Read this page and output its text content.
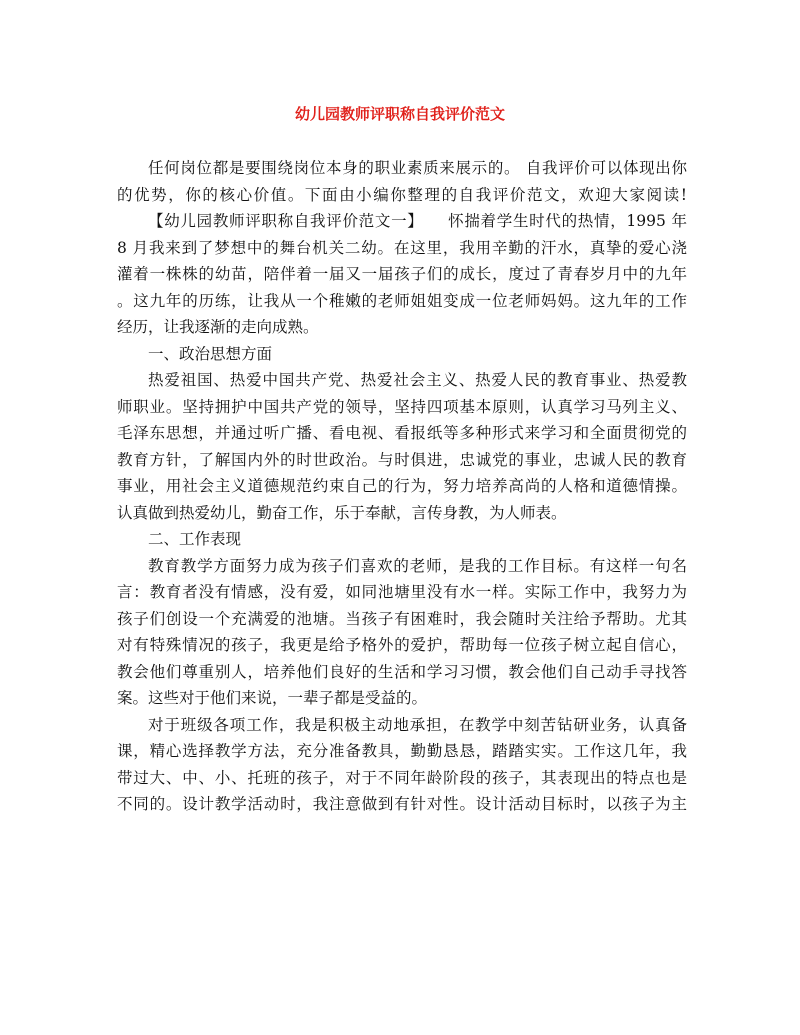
幼儿园教师评职称自我评价范文
任何岗位都是要围绕岗位本身的职业素质来展示的。 自我评价可以体现出你
的优势，你的核心价值。下面由小编你整理的自我评价范文，欢迎大家阅读!
【幼儿园教师评职称自我评价范文一】　　怀揣着学生时代的热情，1995 年
8 月我来到了梦想中的舞台机关二幼。在这里，我用辛勤的汗水，真挚的爱心浇
灌着一株株的幼苗，陪伴着一届又一届孩子们的成长，度过了青春岁月中的九年
。这九年的历练，让我从一个稚嫩的老师姐姐变成一位老师妈妈。这九年的工作
经历，让我逐渐的走向成熟。
一、政治思想方面
热爱祖国、热爱中国共产党、热爱社会主义、热爱人民的教育事业、热爱教
师职业。坚持拥护中国共产党的领导，坚持四项基本原则，认真学习马列主义、
毛泽东思想，并通过听广播、看电视、看报纸等多种形式来学习和全面贯彻党的
教育方针，了解国内外的时世政治。与时俱进，忠诚党的事业，忠诚人民的教育
事业，用社会主义道德规范约束自己的行为，努力培养高尚的人格和道德情操。
认真做到热爱幼儿，勤奋工作，乐于奉献，言传身教，为人师表。
二、工作表现
教育教学方面努力成为孩子们喜欢的老师，是我的工作目标。有这样一句名
言：教育者没有情感，没有爱，如同池塘里没有水一样。实际工作中，我努力为
孩子们创设一个充满爱的池塘。当孩子有困难时，我会随时关注给予帮助。尤其
对有特殊情况的孩子，我更是给予格外的爱护，帮助每一位孩子树立起自信心，
教会他们尊重别人，培养他们良好的生活和学习习惯，教会他们自己动手寻找答
案。这些对于他们来说，一辈子都是受益的。
对于班级各项工作，我是积极主动地承担，在教学中刻苦钻研业务，认真备
课，精心选择教学方法，充分准备教具，勤勤恳恳，踏踏实实。工作这几年，我
带过大、中、小、托班的孩子，对于不同年龄阶段的孩子，其表现出的特点也是
不同的。设计教学活动时，我注意做到有针对性。设计活动目标时，以孩子为主
